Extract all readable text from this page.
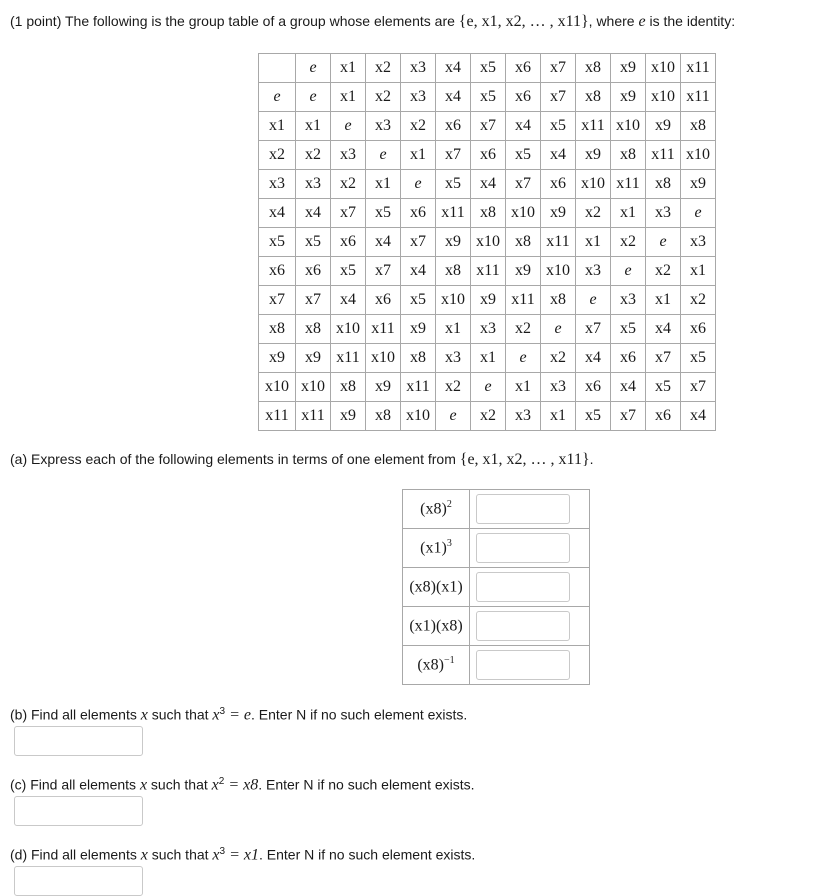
(1 point) The following is the group table of a group whose elements are {e, x1, x2, … , x11}, where e is the identity:
	e	x1	x2	x3	x4	x5	x6	x7	x8	x9	x10	x11
e	e	x1	x2	x3	x4	x5	x6	x7	x8	x9	x10	x11
x1	x1	e	x3	x2	x6	x7	x4	x5	x11	x10	x9	x8
x2	x2	x3	e	x1	x7	x6	x5	x4	x9	x8	x11	x10
x3	x3	x2	x1	e	x5	x4	x7	x6	x10	x11	x8	x9
x4	x4	x7	x5	x6	x11	x8	x10	x9	x2	x1	x3	e
x5	x5	x6	x4	x7	x9	x10	x8	x11	x1	x2	e	x3
x6	x6	x5	x7	x4	x8	x11	x9	x10	x3	e	x2	x1
x7	x7	x4	x6	x5	x10	x9	x11	x8	e	x3	x1	x2
x8	x8	x10	x11	x9	x1	x3	x2	e	x7	x5	x4	x6
x9	x9	x11	x10	x8	x3	x1	e	x2	x4	x6	x7	x5
x10	x10	x8	x9	x11	x2	e	x1	x3	x6	x4	x5	x7
x11	x11	x9	x8	x10	e	x2	x3	x1	x5	x7	x6	x4
(a) Express each of the following elements in terms of one element from {e, x1, x2, … , x11}.
$(x8)^2$	
$(x1)^3$	
(x8)(x1)	
(x1)(x8)	
$(x8)^{-1}$	
(b) Find all elements x such that $x^3 = e$. Enter N if no such element exists.
(c) Find all elements x such that $x^2 = x8$. Enter N if no such element exists.
(d) Find all elements x such that $x^3 = x1$. Enter N if no such element exists.
